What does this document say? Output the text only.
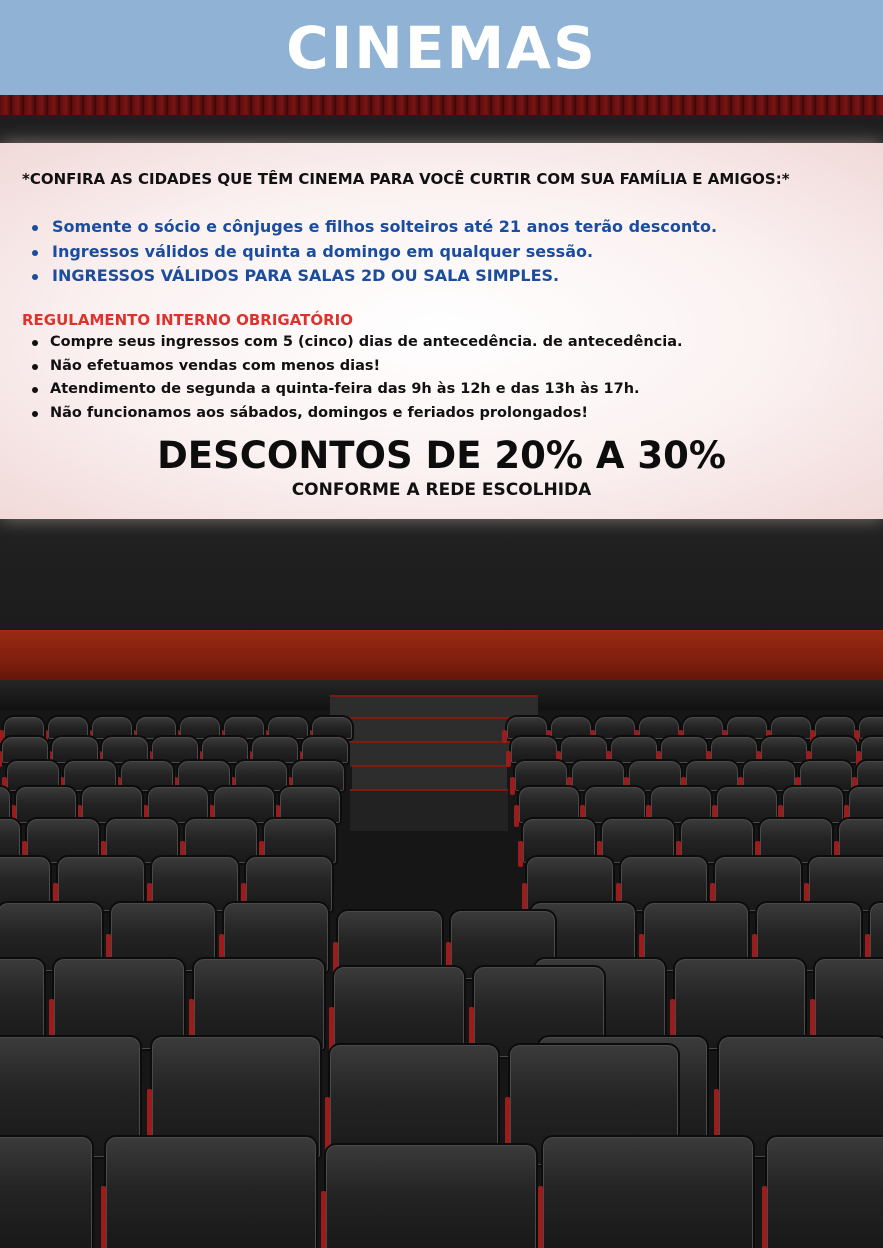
CINEMAS
*CONFIRA AS CIDADES QUE TÊM CINEMA PARA VOCÊ CURTIR COM SUA FAMÍLIA E AMIGOS:*
Somente o sócio e cônjuges e filhos solteiros até 21 anos terão desconto.
Ingressos válidos de quinta a domingo em qualquer sessão.
INGRESSOS VÁLIDOS PARA SALAS 2D OU SALA SIMPLES.
REGULAMENTO INTERNO OBRIGATÓRIO
Compre seus ingressos com 5 (cinco) dias de antecedência. de antecedência.
Não efetuamos vendas com menos dias!
Atendimento de segunda a quinta-feira das 9h às 12h e das 13h às 17h.
Não funcionamos aos sábados, domingos e feriados prolongados!
DESCONTOS DE 20% A 30%
CONFORME A REDE ESCOLHIDA
